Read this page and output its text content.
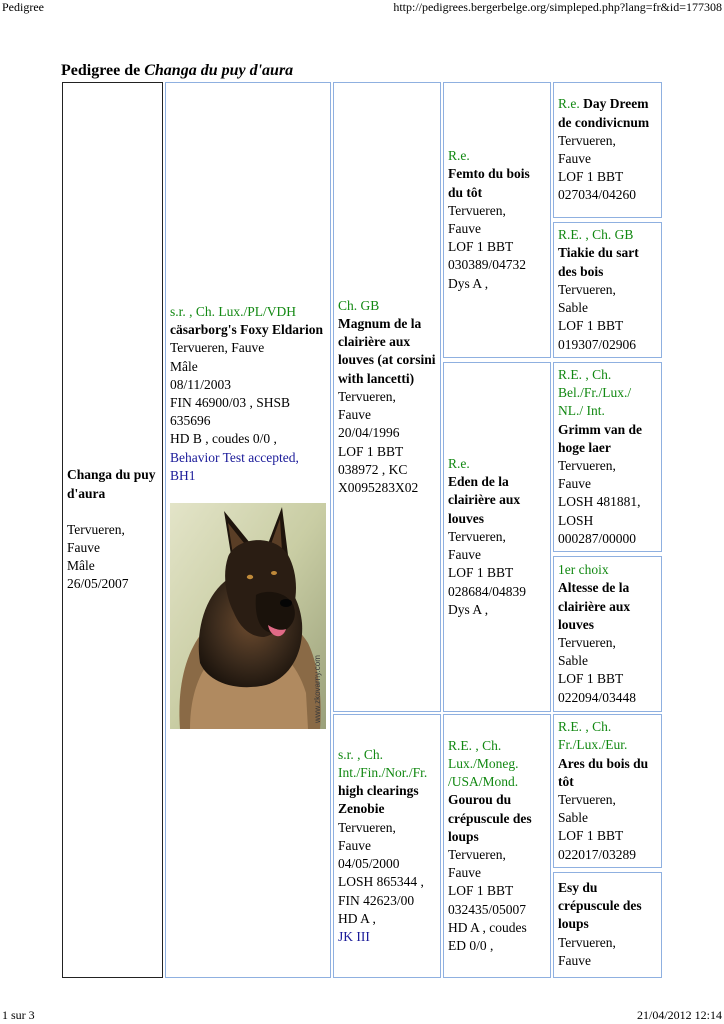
Pedigree	http://pedigrees.bergerbelge.org/simpleped.php?lang=fr&id=177308
Pedigree de Changa du puy d'aura
Changa du puy d'aura
Tervueren,
Fauve
Mâle
26/05/2007
s.r. , Ch. Lux./PL/VDH
cäsarborg's Foxy Eldarion
Tervueren, Fauve
Mâle
08/11/2003
FIN 46900/03 , SHSB 635696
HD B , coudes 0/0 ,
Behavior Test accepted, BH1
www.zkovarny.com
Ch. GB
Magnum de la clairière aux louves (at corsini with lancetti)
Tervueren,
Fauve
20/04/1996
LOF 1 BBT 038972 , KC X0095283X02
s.r. , Ch. Int./Fin./Nor./Fr.
high clearings Zenobie
Tervueren,
Fauve
04/05/2000
LOSH 865344 , FIN 42623/00
HD A ,
JK III
R.e.
Femto du bois du tôt
Tervueren,
Fauve
LOF 1 BBT 030389/04732
Dys A ,
R.e.
Eden de la clairière aux louves
Tervueren,
Fauve
LOF 1 BBT 028684/04839
Dys A ,
R.E. , Ch. Lux./Moneg. /USA/Mond.
Gourou du crépuscule des loups
Tervueren,
Fauve
LOF 1 BBT 032435/05007
HD A , coudes ED 0/0 ,
R.e. Day Dreem de condivicnum
Tervueren,
Fauve
LOF 1 BBT 027034/04260
R.E. , Ch. GB Tiakie du sart des bois
Tervueren,
Sable
LOF 1 BBT 019307/02906
R.E. , Ch. Bel./Fr./Lux./ NL./ Int.
Grimm van de hoge laer
Tervueren,
Fauve
LOSH 481881, LOSH 000287/00000
1er choix
Altesse de la clairière aux louves
Tervueren,
Sable
LOF 1 BBT 022094/03448
R.E. , Ch. Fr./Lux./Eur.
Ares du bois du tôt
Tervueren,
Sable
LOF 1 BBT 022017/03289
Esy du crépuscule des loups
Tervueren,
Fauve
1 sur 3	21/04/2012 12:14
